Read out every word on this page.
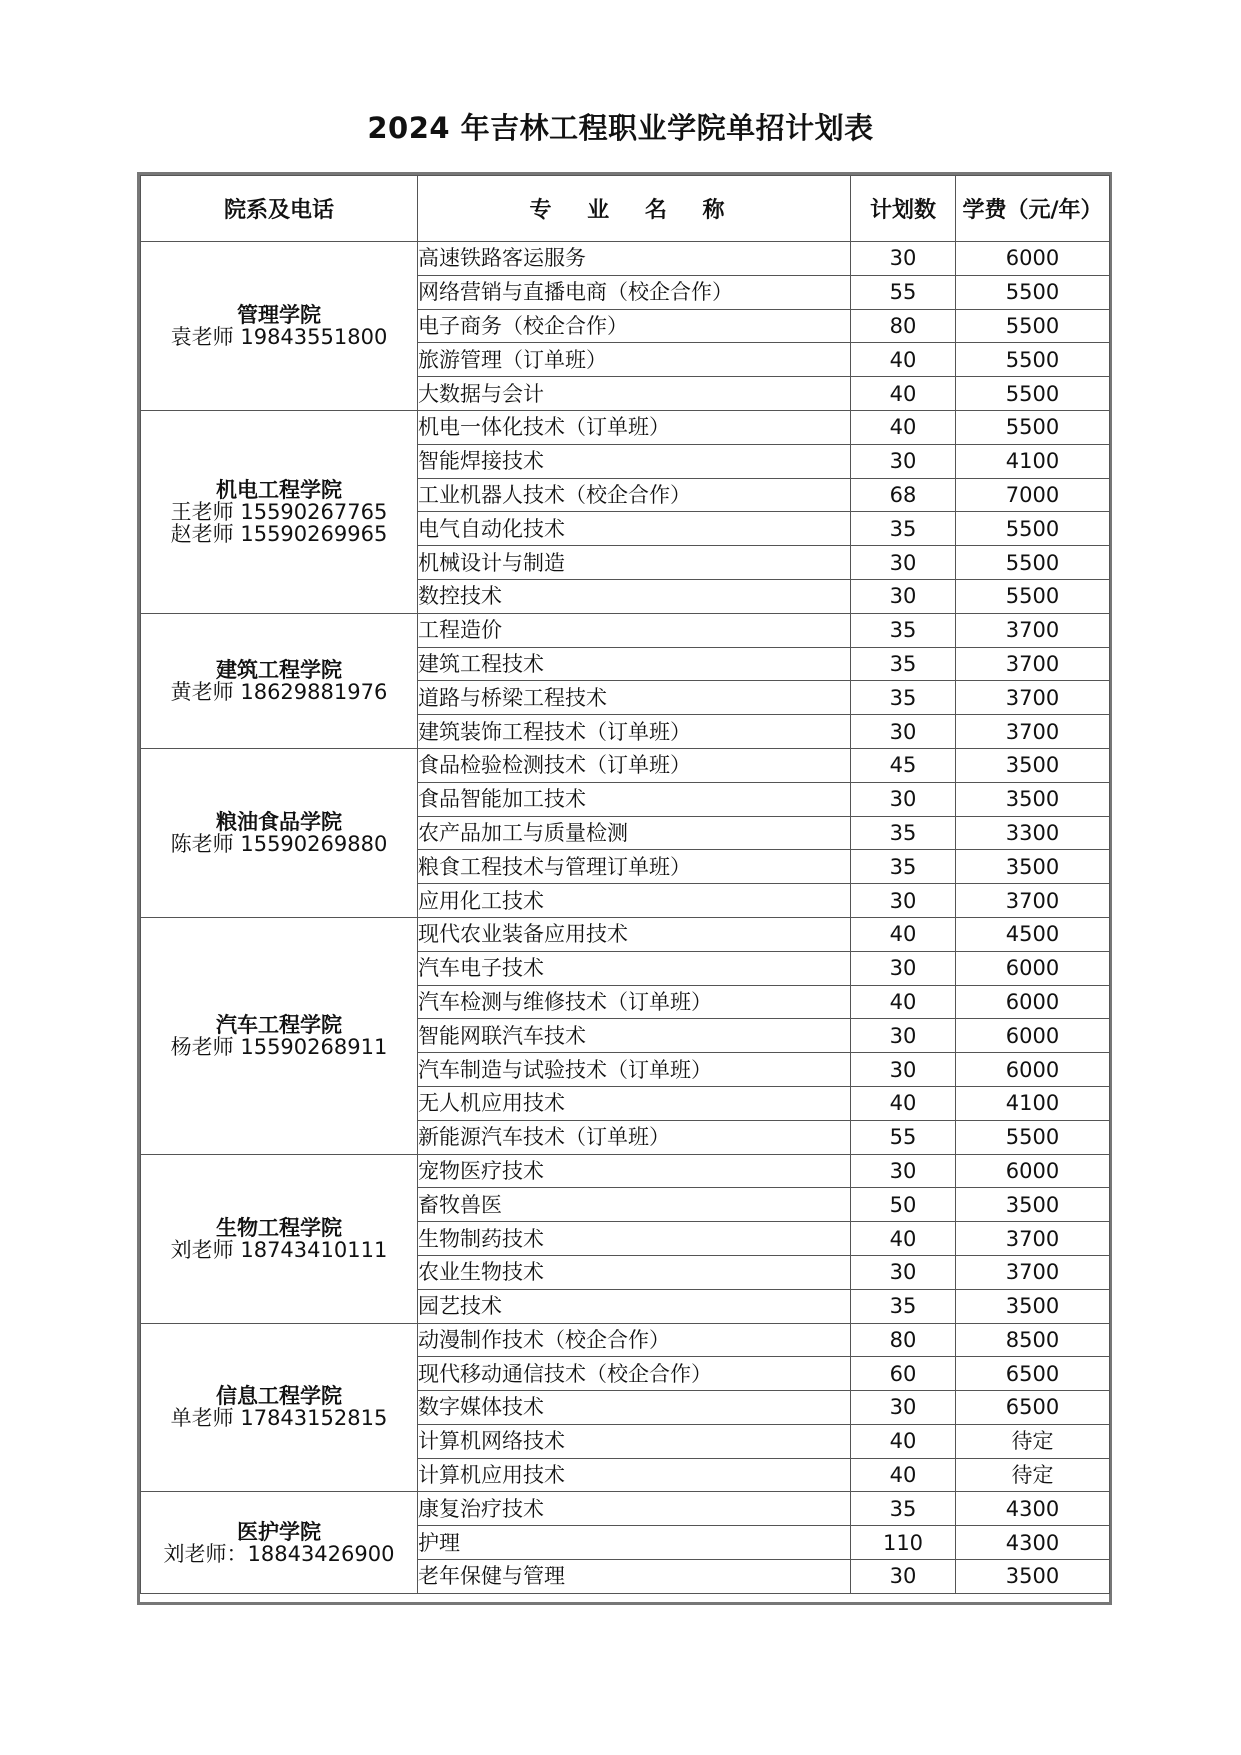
2024 年吉林工程职业学院单招计划表
院系及电话	专 业 名 称	计划数	学费（元/年）

管理学院
袁老师 19843551800	高速铁路客运服务	30	6000
	网络营销与直播电商（校企合作）	55	5500
	电子商务（校企合作）	80	5500
	旅游管理（订单班）	40	5500
	大数据与会计	40	5500

机电工程学院
王老师 15590267765
赵老师 15590269965	机电一体化技术（订单班）	40	5500
	智能焊接技术	30	4100
	工业机器人技术（校企合作）	68	7000
	电气自动化技术	35	5500
	机械设计与制造	30	5500
	数控技术	30	5500

建筑工程学院
黄老师 18629881976	工程造价	35	3700
	建筑工程技术	35	3700
	道路与桥梁工程技术	35	3700
	建筑装饰工程技术（订单班）	30	3700

粮油食品学院
陈老师 15590269880	食品检验检测技术（订单班）	45	3500
	食品智能加工技术	30	3500
	农产品加工与质量检测	35	3300
	粮食工程技术与管理订单班）	35	3500
	应用化工技术	30	3700

汽车工程学院
杨老师 15590268911	现代农业装备应用技术	40	4500
	汽车电子技术	30	6000
	汽车检测与维修技术（订单班）	40	6000
	智能网联汽车技术	30	6000
	汽车制造与试验技术（订单班）	30	6000
	无人机应用技术	40	4100
	新能源汽车技术（订单班）	55	5500

生物工程学院
刘老师 18743410111	宠物医疗技术	30	6000
	畜牧兽医	50	3500
	生物制药技术	40	3700
	农业生物技术	30	3700
	园艺技术	35	3500

信息工程学院
单老师 17843152815	动漫制作技术（校企合作）	80	8500
	现代移动通信技术（校企合作）	60	6500
	数字媒体技术	30	6500
	计算机网络技术	40	待定
	计算机应用技术	40	待定

医护学院
刘老师：18843426900	康复治疗技术	35	4300
	护理	110	4300
	老年保健与管理	30	3500
